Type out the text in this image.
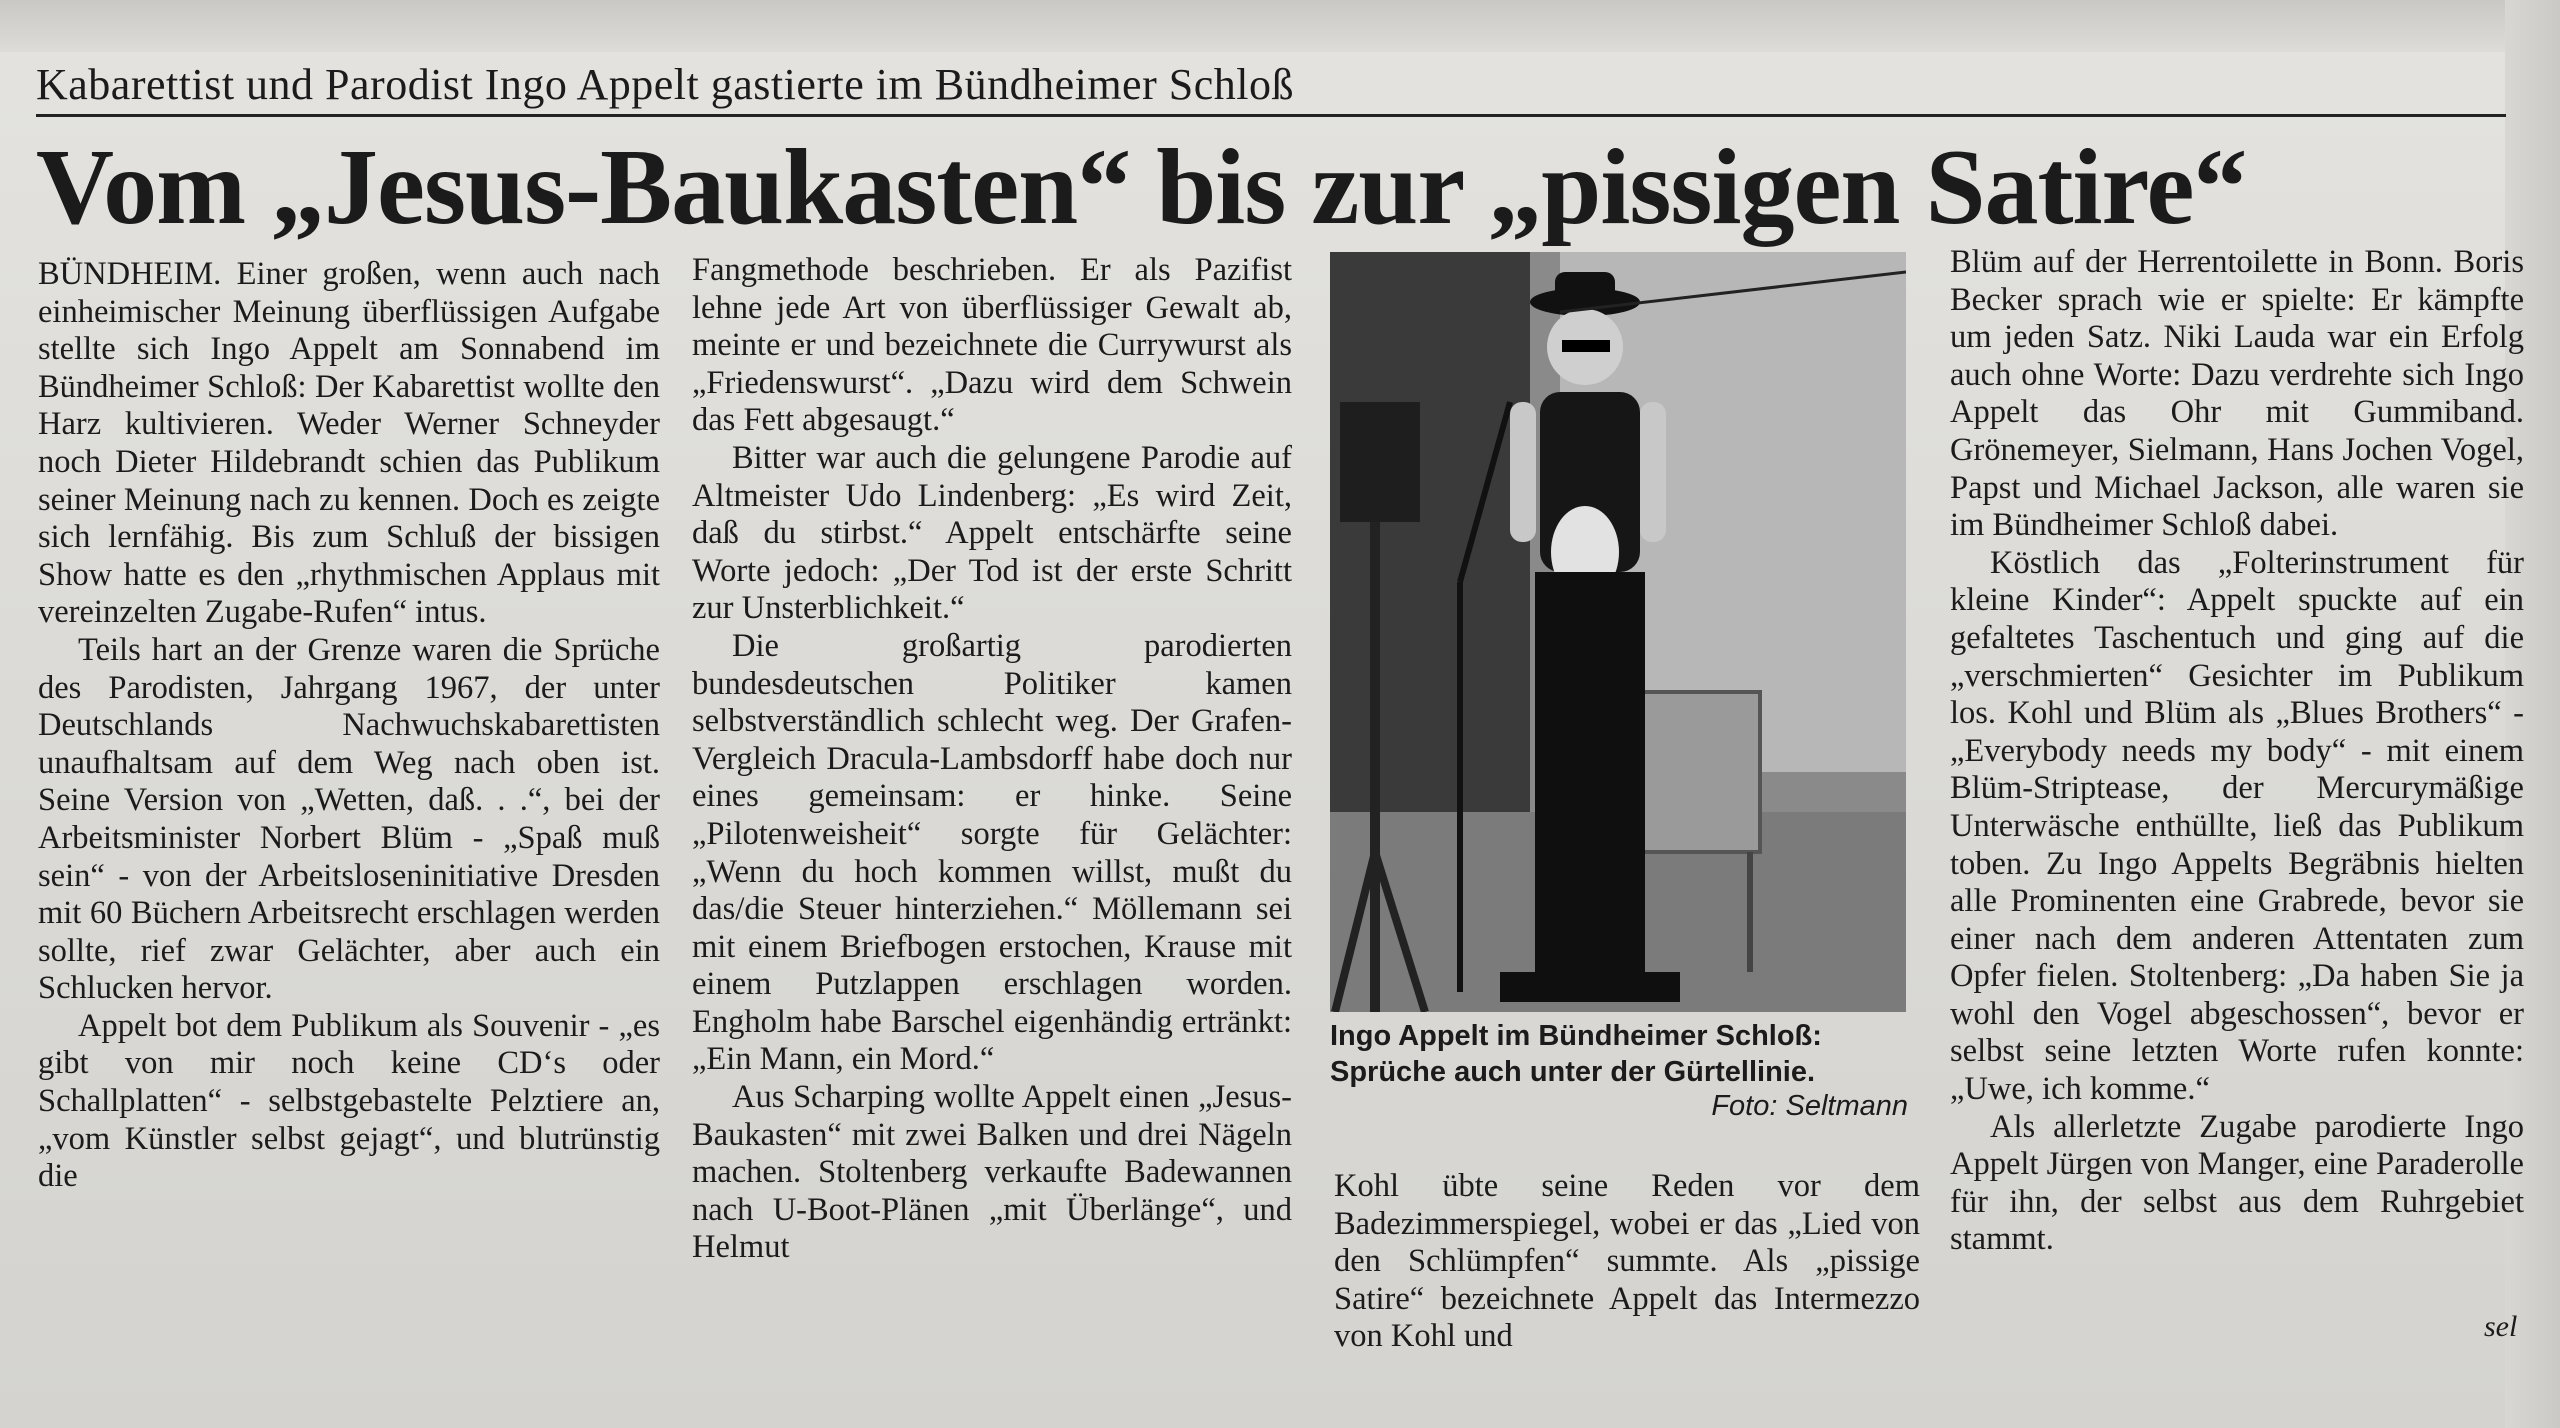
Kabarettist und Parodist Ingo Appelt gastierte im Bündheimer Schloß
Vom „Jesus-Baukasten“ bis zur „pissigen Satire“

BÜNDHEIM. Einer großen, wenn auch nach einheimischer Meinung überflüssigen Aufgabe stellte sich Ingo Appelt am Sonnabend im Bündheimer Schloß: Der Kabarettist wollte den Harz kultivieren. Weder Werner Schneyder noch Dieter Hildebrandt schien das Publikum seiner Meinung nach zu kennen. Doch es zeigte sich lernfähig. Bis zum Schluß der bissigen Show hatte es den „rhythmischen Applaus mit vereinzelten Zugabe-Rufen“ intus.

Teils hart an der Grenze waren die Sprüche des Parodisten, Jahrgang 1967, der unter Deutschlands Nachwuchskabarettisten unaufhaltsam auf dem Weg nach oben ist. Seine Version von „Wetten, daß. . .“, bei der Arbeitsminister Norbert Blüm - „Spaß muß sein“ - von der Arbeitsloseninitiative Dresden mit 60 Büchern Arbeitsrecht erschlagen werden sollte, rief zwar Gelächter, aber auch ein Schlucken hervor.

Appelt bot dem Publikum als Souvenir - „es gibt von mir noch keine CD‘s oder Schallplatten“ - selbstgebastelte Pelztiere an, „vom Künstler selbst gejagt“, und blutrünstig die

Fangmethode beschrieben. Er als Pazifist lehne jede Art von überflüssiger Gewalt ab, meinte er und bezeichnete die Currywurst als „Friedenswurst“. „Dazu wird dem Schwein das Fett abgesaugt.“

Bitter war auch die gelungene Parodie auf Altmeister Udo Lindenberg: „Es wird Zeit, daß du stirbst.“ Appelt entschärfte seine Worte jedoch: „Der Tod ist der erste Schritt zur Unsterblichkeit.“

Die großartig parodierten bundesdeutschen Politiker kamen selbstverständlich schlecht weg. Der Grafen-Vergleich Dracula-Lambsdorff habe doch nur eines gemeinsam: er hinke. Seine „Pilotenweisheit“ sorgte für Gelächter: „Wenn du hoch kommen willst, mußt du das/die Steuer hinterziehen.“ Möllemann sei mit einem Briefbogen erstochen, Krause mit einem Putzlappen erschlagen worden. Engholm habe Barschel eigenhändig ertränkt: „Ein Mann, ein Mord.“

Aus Scharping wollte Appelt einen „Jesus-Baukasten“ mit zwei Balken und drei Nägeln machen. Stoltenberg verkaufte Badewannen nach U-Boot-Plänen „mit Überlänge“, und Helmut

Ingo Appelt im Bündheimer Schloß: Sprüche auch unter der Gürtellinie.
Foto: Seltmann

Kohl übte seine Reden vor dem Badezimmerspiegel, wobei er das „Lied von den Schlümpfen“ summte. Als „pissige Satire“ bezeichnete Appelt das Intermezzo von Kohl und

Blüm auf der Herrentoilette in Bonn. Boris Becker sprach wie er spielte: Er kämpfte um jeden Satz. Niki Lauda war ein Erfolg auch ohne Worte: Dazu verdrehte sich Ingo Appelt das Ohr mit Gummiband. Grönemeyer, Sielmann, Hans Jochen Vogel, Papst und Michael Jackson, alle waren sie im Bündheimer Schloß dabei.

Köstlich das „Folterinstrument für kleine Kinder“: Appelt spuckte auf ein gefaltetes Taschentuch und ging auf die „verschmierten“ Gesichter im Publikum los. Kohl und Blüm als „Blues Brothers“ - „Everybody needs my body“ - mit einem Blüm-Striptease, der Mercurymäßige Unterwäsche enthüllte, ließ das Publikum toben. Zu Ingo Appelts Begräbnis hielten alle Prominenten eine Grabrede, bevor sie einer nach dem anderen Attentaten zum Opfer fielen. Stoltenberg: „Da haben Sie ja wohl den Vogel abgeschossen“, bevor er selbst seine letzten Worte rufen konnte: „Uwe, ich komme.“

Als allerletzte Zugabe parodierte Ingo Appelt Jürgen von Manger, eine Paraderolle für ihn, der selbst aus dem Ruhrgebiet stammt.

sel
